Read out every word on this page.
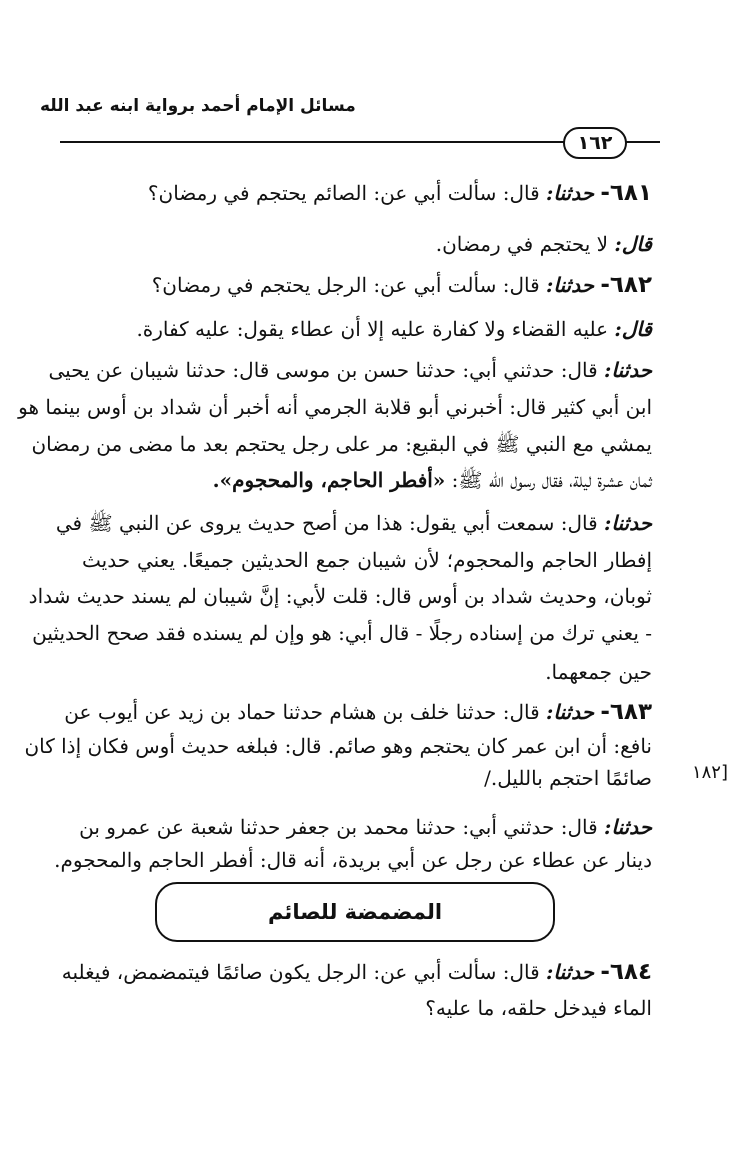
مسائل الإمام أحمد برواية ابنه عبد الله
١٦٢
٦٨١- حدثنا: قال: سألت أبي عن: الصائم يحتجم في رمضان؟
قال: لا يحتجم في رمضان.
٦٨٢- حدثنا: قال: سألت أبي عن: الرجل يحتجم في رمضان؟
قال: عليه القضاء ولا كفارة عليه إلا أن عطاء يقول: عليه كفارة.
حدثنا: قال: حدثني أبي: حدثنا حسن بن موسى قال: حدثنا شيبان عن يحيى
ابن أبي كثير قال: أخبرني أبو قلابة الجرمي أنه أخبر أن شداد بن أوس بينما هو
يمشي مع النبي ﷺ في البقيع: مر على رجل يحتجم بعد ما مضى من رمضان
ثمان عشرة ليلة، فقال رسول الله ﷺ: «أفطر الحاجم، والمحجوم».
حدثنا: قال: سمعت أبي يقول: هذا من أصح حديث يروى عن النبي ﷺ في
إفطار الحاجم والمحجوم؛ لأن شيبان جمع الحديثين جميعًا. يعني حديث
ثوبان، وحديث شداد بن أوس قال: قلت لأبي: إنَّ شيبان لم يسند حديث شداد
- يعني ترك من إسناده رجلًا - قال أبي: هو وإن لم يسنده فقد صحح الحديثين
حين جمعهما.
٦٨٣- حدثنا: قال: حدثنا خلف بن هشام حدثنا حماد بن زيد عن أيوب عن
نافع: أن ابن عمر كان يحتجم وهو صائم. قال: فبلغه حديث أوس فكان إذا كان
صائمًا احتجم بالليل./	[١٨٢
حدثنا: قال: حدثني أبي: حدثنا محمد بن جعفر حدثنا شعبة عن عمرو بن
دينار عن عطاء عن رجل عن أبي بريدة، أنه قال: أفطر الحاجم والمحجوم.
المضمضة للصائم
٦٨٤- حدثنا: قال: سألت أبي عن: الرجل يكون صائمًا فيتمضمض، فيغلبه
الماء فيدخل حلقه، ما عليه؟
